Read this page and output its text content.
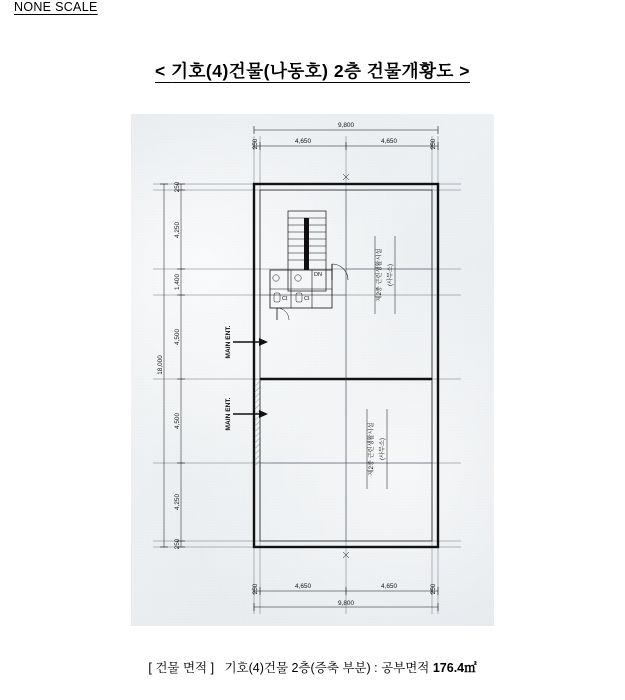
NONE SCALE
< 기호(4)건물(나동호) 2층 건물개황도 >
9,800
250	4,650	4,650	250
250	4,650	4,650	250
9,800
18,000
250
4,250
1,400
4,500
4,500
4,250
250
DN
CI	CI
MAIN ENT.
MAIN ENT.
제2종 근린생활시설 (사무소)
제2종 근린생활시설 (사무소)
[ 건물 면적 ] 기호(4)건물 2층(증축 부분) : 공부면적 176.4㎡
